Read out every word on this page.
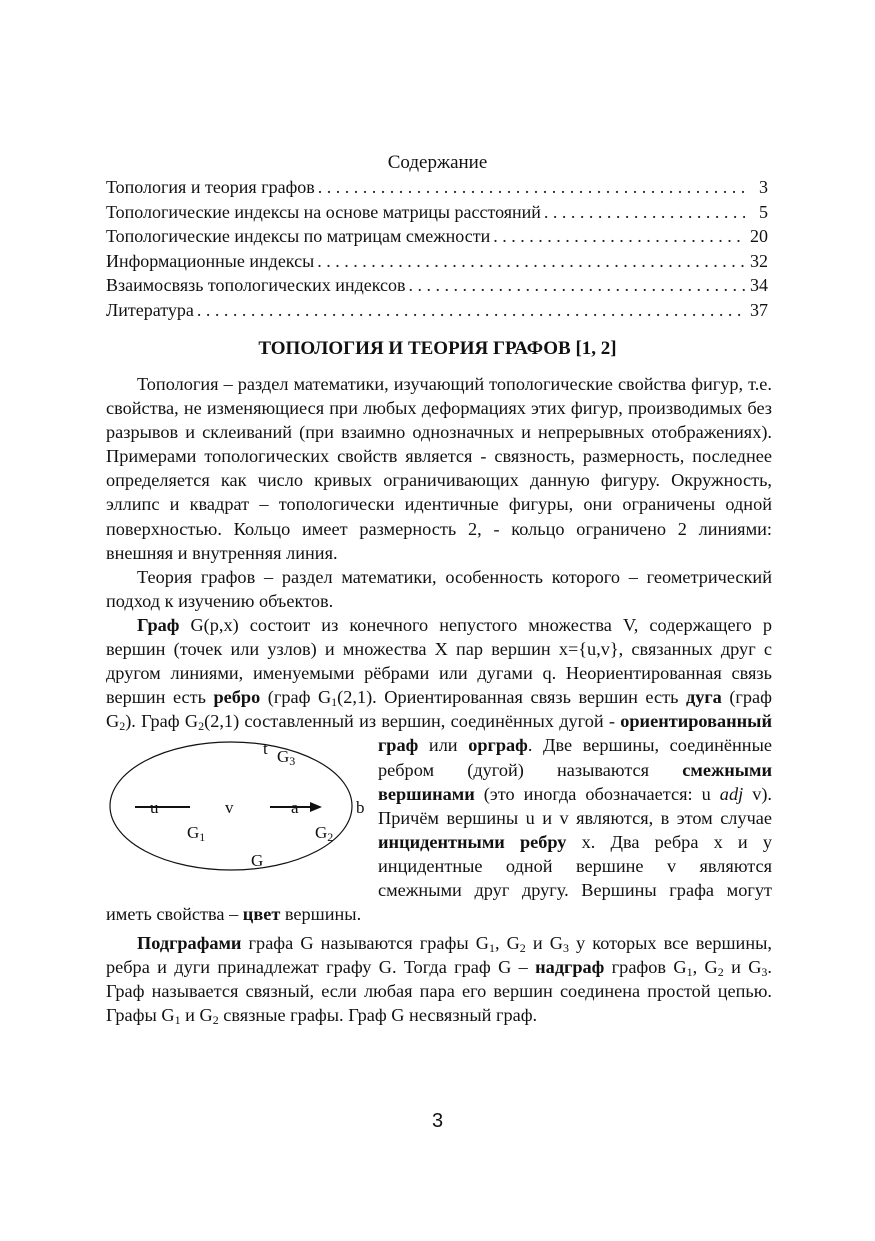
Содержание
Топология и теория графов . . .	3
Топологические индексы на основе матрицы расстояний . . .	5
Топологические индексы по матрицам смежности . . .	20
Информационные индексы . . .	32
Взаимосвязь топологических индексов . . .	34
Литература . . .	37
ТОПОЛОГИЯ И ТЕОРИЯ ГРАФОВ [1, 2]

Топология – раздел математики, изучающий топологические свойства фигур, т.е. свойства, не изменяющиеся при любых деформациях этих фигур, производимых без разрывов и склеиваний (при взаимно однозначных и непрерывных отображениях). Примерами топологических свойств является - связность, размерность, последнее определяется как число кривых ограничивающих данную фигуру. Окружность, эллипс и квадрат – топологически идентичные фигуры, они ограничены одной поверхностью. Кольцо имеет размерность 2, - кольцо ограничено 2 линиями: внешняя и внутренняя линия.

Теория графов – раздел математики, особенность которого – геометрический подход к изучению объектов.

Граф G(p,x) состоит из конечного непустого множества V, содержащего p вершин (точек или узлов) и множества X пар вершин x={u,v}, связанных друг с другом линиями, именуемыми рёбрами или дугами q. Неориентированная связь вершин есть ребро (граф $G_1(2,1)$. Ориентированная связь вершин есть дуга (граф $G_2$). Граф $G_2(2,1)$ составленный из вершин, соединённых дугой - ориентированный граф или
t $G_3$
u	v	a	b
$G_1$	$G_2$
G
орграф. Две вершины, соединённые ребром (дугой) называются смежными вершинами (это иногда обозначается: u adj v). Причём вершины u и v являются, в этом случае инцидентными ребру x. Два ребра x и y инцидентные одной вершине v являются смежными друг другу. Вершины графа могут иметь свойства – цвет вершины.

Подграфами графа G называются графы $G_1$, $G_2$ и $G_3$ у которых все вершины, ребра и дуги принадлежат графу G. Тогда граф G – надграф графов $G_1$, $G_2$ и $G_3$. Граф называется связный, если любая пара его вершин соединена простой цепью. Графы $G_1$ и $G_2$ связные графы. Граф G несвязный граф.

3
